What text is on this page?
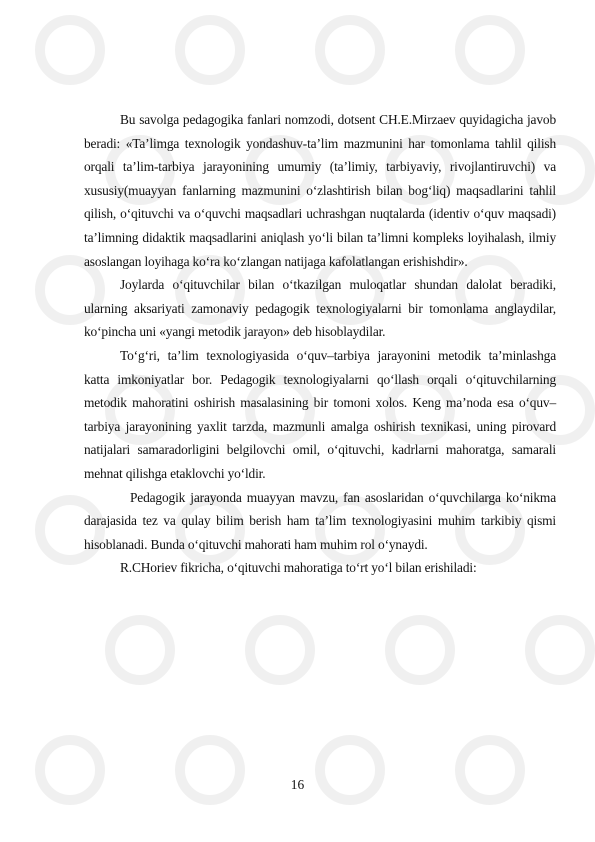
Bu savolga pedagogika fanlari nomzodi, dotsent CH.E.Mirzaev quyidagicha javob beradi: «Ta’limga texnologik yondashuv-ta’lim mazmunini har tomonlama tahlil qilish orqali ta’lim-tarbiya jarayonining umumiy (ta’limiy, tarbiyaviy, rivojlantiruvchi) va xususiy(muayyan fanlarning mazmunini o‘zlashtirish bilan bog‘liq) maqsadlarini tahlil qilish, o‘qituvchi va o‘quvchi maqsadlari uchrashgan nuqtalarda (identiv o‘quv maqsadi) ta’limning didaktik maqsadlarini aniqlash yo‘li bilan ta’limni kompleks loyihalash, ilmiy asoslangan loyihaga ko‘ra ko‘zlangan natijaga kafolatlangan erishishdir».

Joylarda o‘qituvchilar bilan o‘tkazilgan muloqatlar shundan dalolat beradiki, ularning aksariyati zamonaviy pedagogik texnologiyalarni bir tomonlama anglaydilar, ko‘pincha uni «yangi metodik jarayon» deb hisoblaydilar.

To‘g‘ri, ta’lim texnologiyasida o‘quv–tarbiya jarayonini metodik ta’minlashga katta imkoniyatlar bor. Pedagogik texnologiyalarni qo‘llash orqali o‘qituvchilarning metodik mahoratini oshirish masalasining bir tomoni xolos. Keng ma’noda esa o‘quv–tarbiya jarayonining yaxlit tarzda, mazmunli amalga oshirish texnikasi, uning pirovard natijalari samaradorligini belgilovchi omil, o‘qituvchi, kadrlarni mahoratga, samarali mehnat qilishga etaklovchi yo‘ldir.

Pedagogik jarayonda muayyan mavzu, fan asoslaridan o‘quvchilarga ko‘nikma darajasida tez va qulay bilim berish ham ta’lim texnologiyasini muhim tarkibiy qismi hisoblanadi. Bunda o‘qituvchi mahorati ham muhim rol o‘ynaydi.

R.CHoriev fikricha, o‘qituvchi mahoratiga to‘rt yo‘l bilan erishiladi:

16
